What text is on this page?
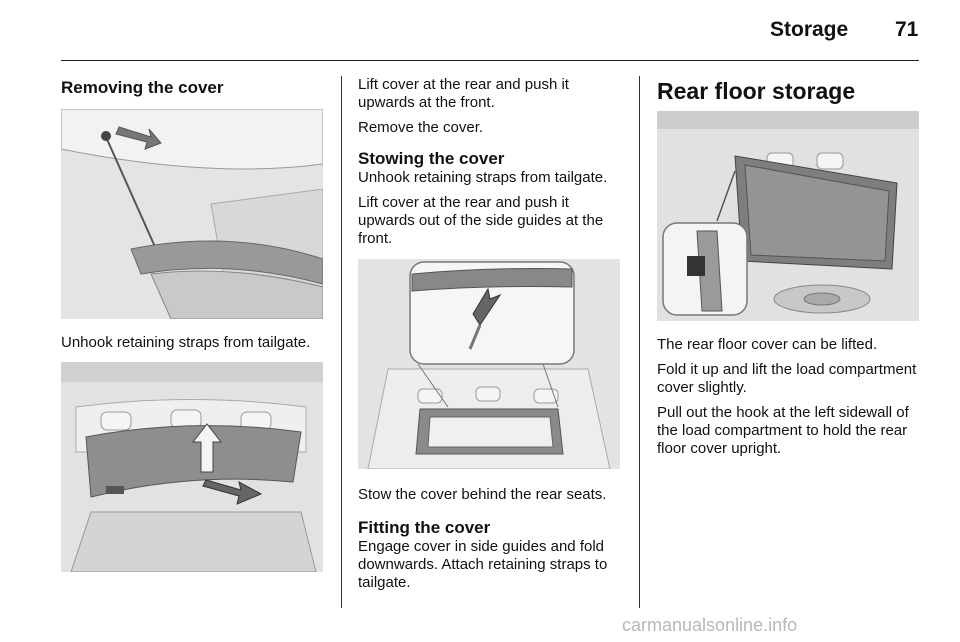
Storage 71
Removing the cover

Unhook retaining straps from tailgate.

Lift cover at the rear and push it upwards at the front.

Remove the cover.

Stowing the cover

Unhook retaining straps from tailgate.

Lift cover at the rear and push it upwards out of the side guides at the front.

Stow the cover behind the rear seats.

Fitting the cover

Engage cover in side guides and fold downwards. Attach retaining straps to tailgate.

Rear floor storage

The rear floor cover can be lifted.

Fold it up and lift the load compartment cover slightly.

Pull out the hook at the left sidewall of the load compartment to hold the rear floor cover upright.

carmanualsonline.info
